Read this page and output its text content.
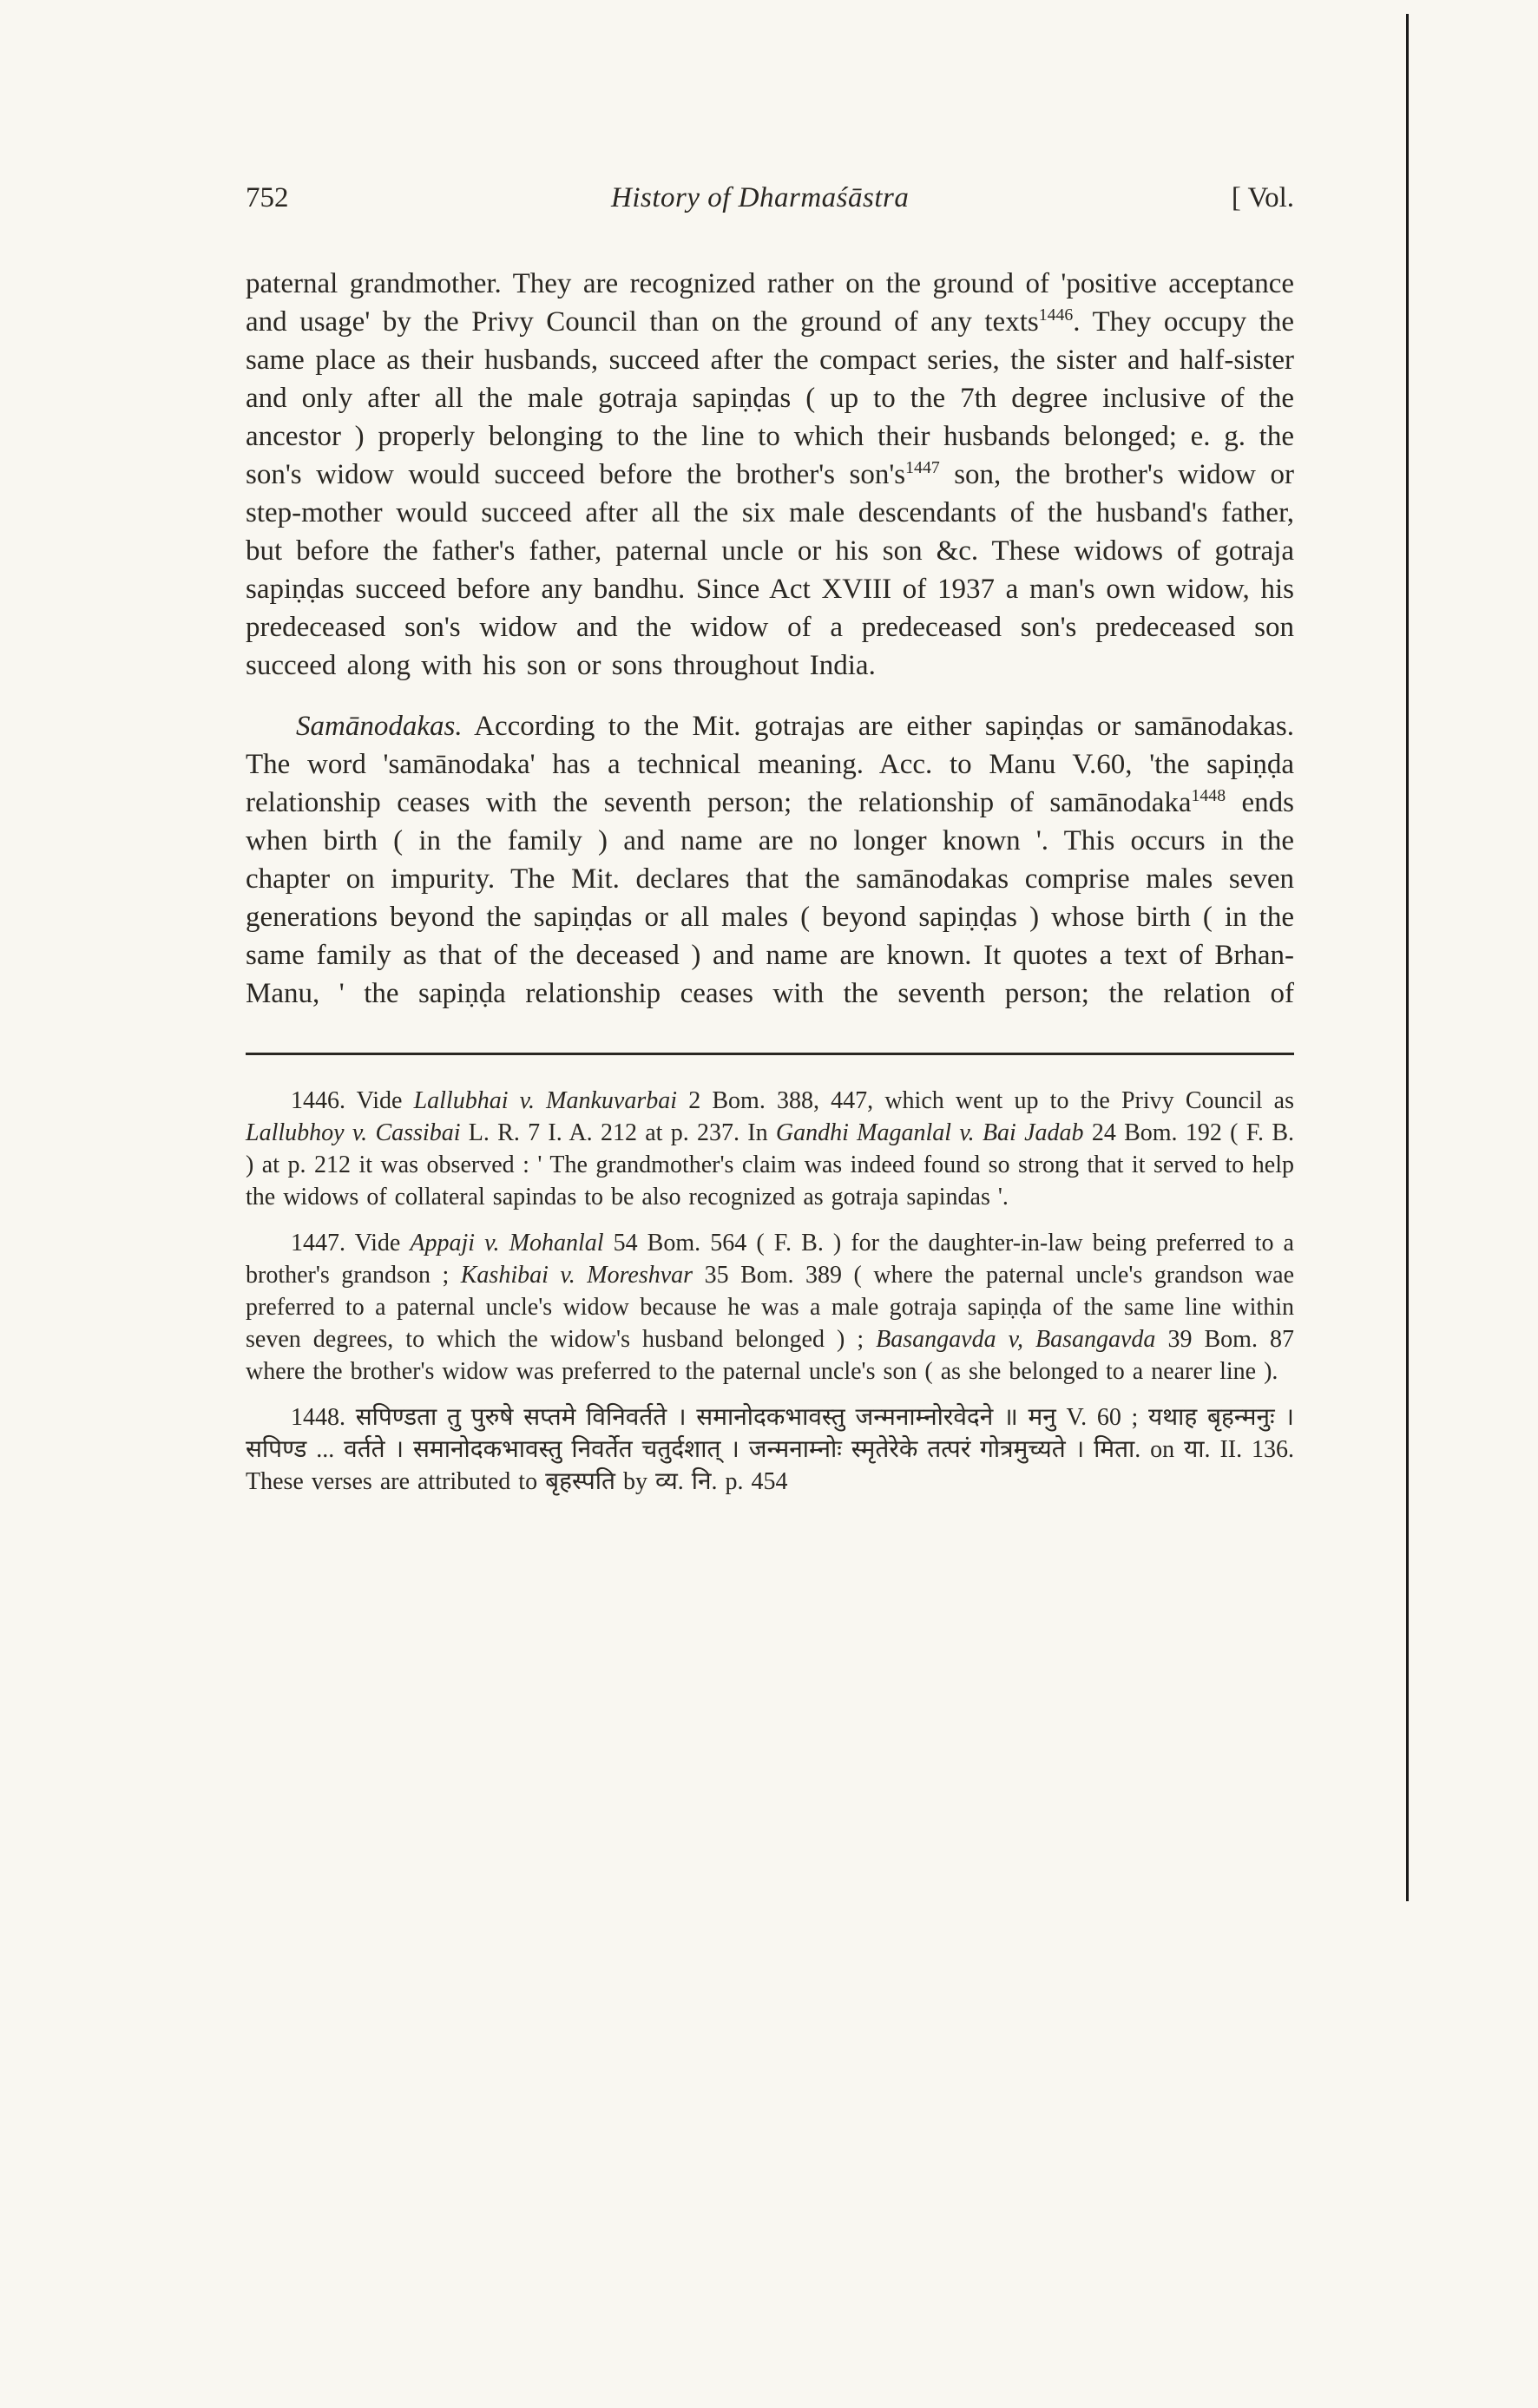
752	History of Dharmaśāstra	[ Vol.

paternal grandmother. They are recognized rather on the ground of 'positive acceptance and usage' by the Privy Council than on the ground of any texts$^{1446}$. They occupy the same place as their husbands, succeed after the compact series, the sister and half-sister and only after all the male gotraja sapiṇḍas ( up to the 7th degree inclusive of the ancestor ) properly belonging to the line to which their husbands belonged; e. g. the son's widow would succeed before the brother's $son's^{1447}$ son, the brother's widow or step-mother would succeed after all the six male descendants of the husband's father, but before the father's father, paternal uncle or his son &c. These widows of gotraja sapiṇḍas succeed before any bandhu. Since Act XVIII of 1937 a man's own widow, his predeceased son's widow and the widow of a predeceased son's predeceased son succeed along with his son or sons throughout India.

Samānodakas. According to the Mit. gotrajas are either sapiṇḍas or samānodakas. The word 'samānodaka' has a technical meaning. Acc. to Manu V.60, 'the sapiṇḍa relationship ceases with the seventh person; the relationship of samānodaka$^{1448}$ ends when birth ( in the family ) and name are no longer known '. This occurs in the chapter on impurity. The Mit. declares that the samānodakas comprise males seven generations beyond the sapiṇḍas or all males ( beyond sapiṇḍas ) whose birth ( in the same family as that of the deceased ) and name are known. It quotes a text of Brhan-Manu, ' the sapiṇḍa relationship ceases with the seventh person; the relation of

1446. Vide Lallubhai v. Mankuvarbai 2 Bom. 388, 447, which went up to the Privy Council as Lallubhoy v. Cassibai L. R. 7 I. A. 212 at p. 237. In Gandhi Maganlal v. Bai Jadab 24 Bom. 192 ( F. B. ) at p. 212 it was observed : ' The grandmother's claim was indeed found so strong that it served to help the widows of collateral sapindas to be also recognized as gotraja sapindas '.

1447. Vide Appaji v. Mohanlal 54 Bom. 564 ( F. B. ) for the daughter-in-law being preferred to a brother's grandson ; Kashibai v. Moreshvar 35 Bom. 389 ( where the paternal uncle's grandson wae preferred to a paternal uncle's widow because he was a male gotraja sapiṇḍa of the same line within seven degrees, to which the widow's husband belonged ) ; Basangavda v, Basangavda 39 Bom. 87 where the brother's widow was preferred to the paternal uncle's son ( as she belonged to a nearer line ).

1448. सपिण्डता तु पुरुषे सप्तमे विनिवर्तते । समानोदकभावस्तु जन्मनाम्नोरवेदने ॥ मनु V. 60 ; यथाह बृहन्मनुः । सपिण्ड ... वर्तते । समानोदकभावस्तु निवर्तेत चतुर्दशात् । जन्मनाम्नोः स्मृतेरेके तत्परं गोत्रमुच्यते । मिता. on या. II. 136. These verses are attributed to बृहस्पति by व्य. नि. p. 454
